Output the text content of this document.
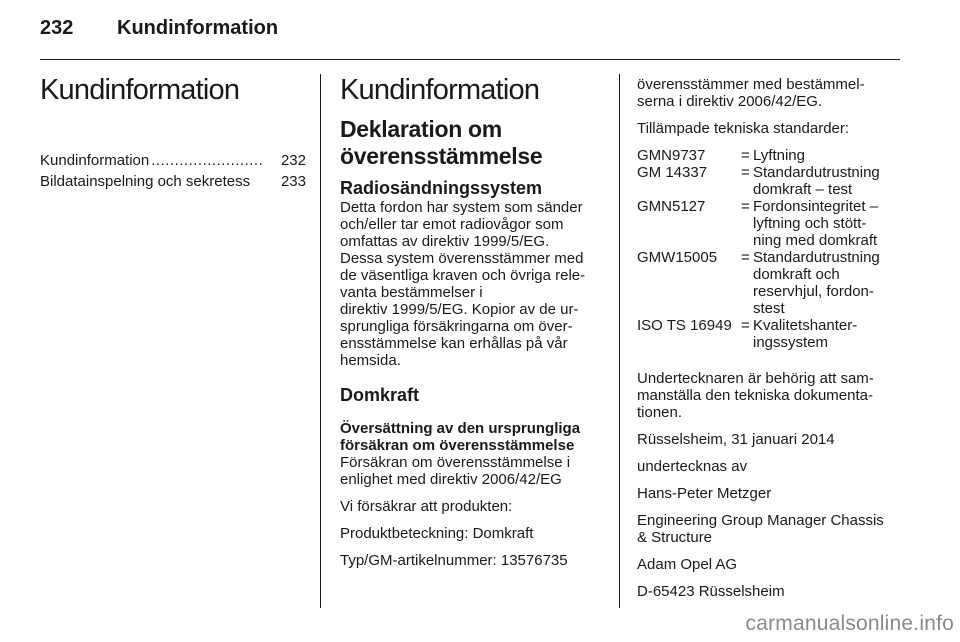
232 Kundinformation
Kundinformation
Kundinformation ........................	232
Bildatainspelning och sekretess 233
Kundinformation
Deklaration om
överensstämmelse
Radiosändningssystem

Detta fordon har system som sänder
och/eller tar emot radiovågor som
omfattas av direktiv 1999/5/EG.
Dessa system överensstämmer med
de väsentliga kraven och övriga rele-
vanta bestämmelser i
direktiv 1999/5/EG. Kopior av de ur-
sprungliga försäkringarna om över-
ensstämmelse kan erhållas på vår
hemsida.

Domkraft

Översättning av den ursprungliga
försäkran om överensstämmelse

Försäkran om överensstämmelse i
enlighet med direktiv 2006/42/EG

Vi försäkrar att produkten:

Produktbeteckning: Domkraft

Typ/GM-artikelnummer: 13576735

överensstämmer med bestämmel-
serna i direktiv 2006/42/EG.

Tillämpade tekniska standarder:

GMN9737	= Lyftning
GM 14337	= Standardutrustning
domkraft – test
GMN5127	= Fordonsintegritet –
lyftning och stött-
ning med domkraft
GMW15005	= Standardutrustning
domkraft och
reservhjul, fordon-
stest
ISO TS 16949 = Kvalitetshanter-
ingssystem

Undertecknaren är behörig att sam-
manställa den tekniska dokumenta-
tionen.

Rüsselsheim, 31 januari 2014

undertecknas av

Hans-Peter Metzger

Engineering Group Manager Chassis
& Structure

Adam Opel AG

D-65423 Rüsselsheim

carmanualsonline.info
